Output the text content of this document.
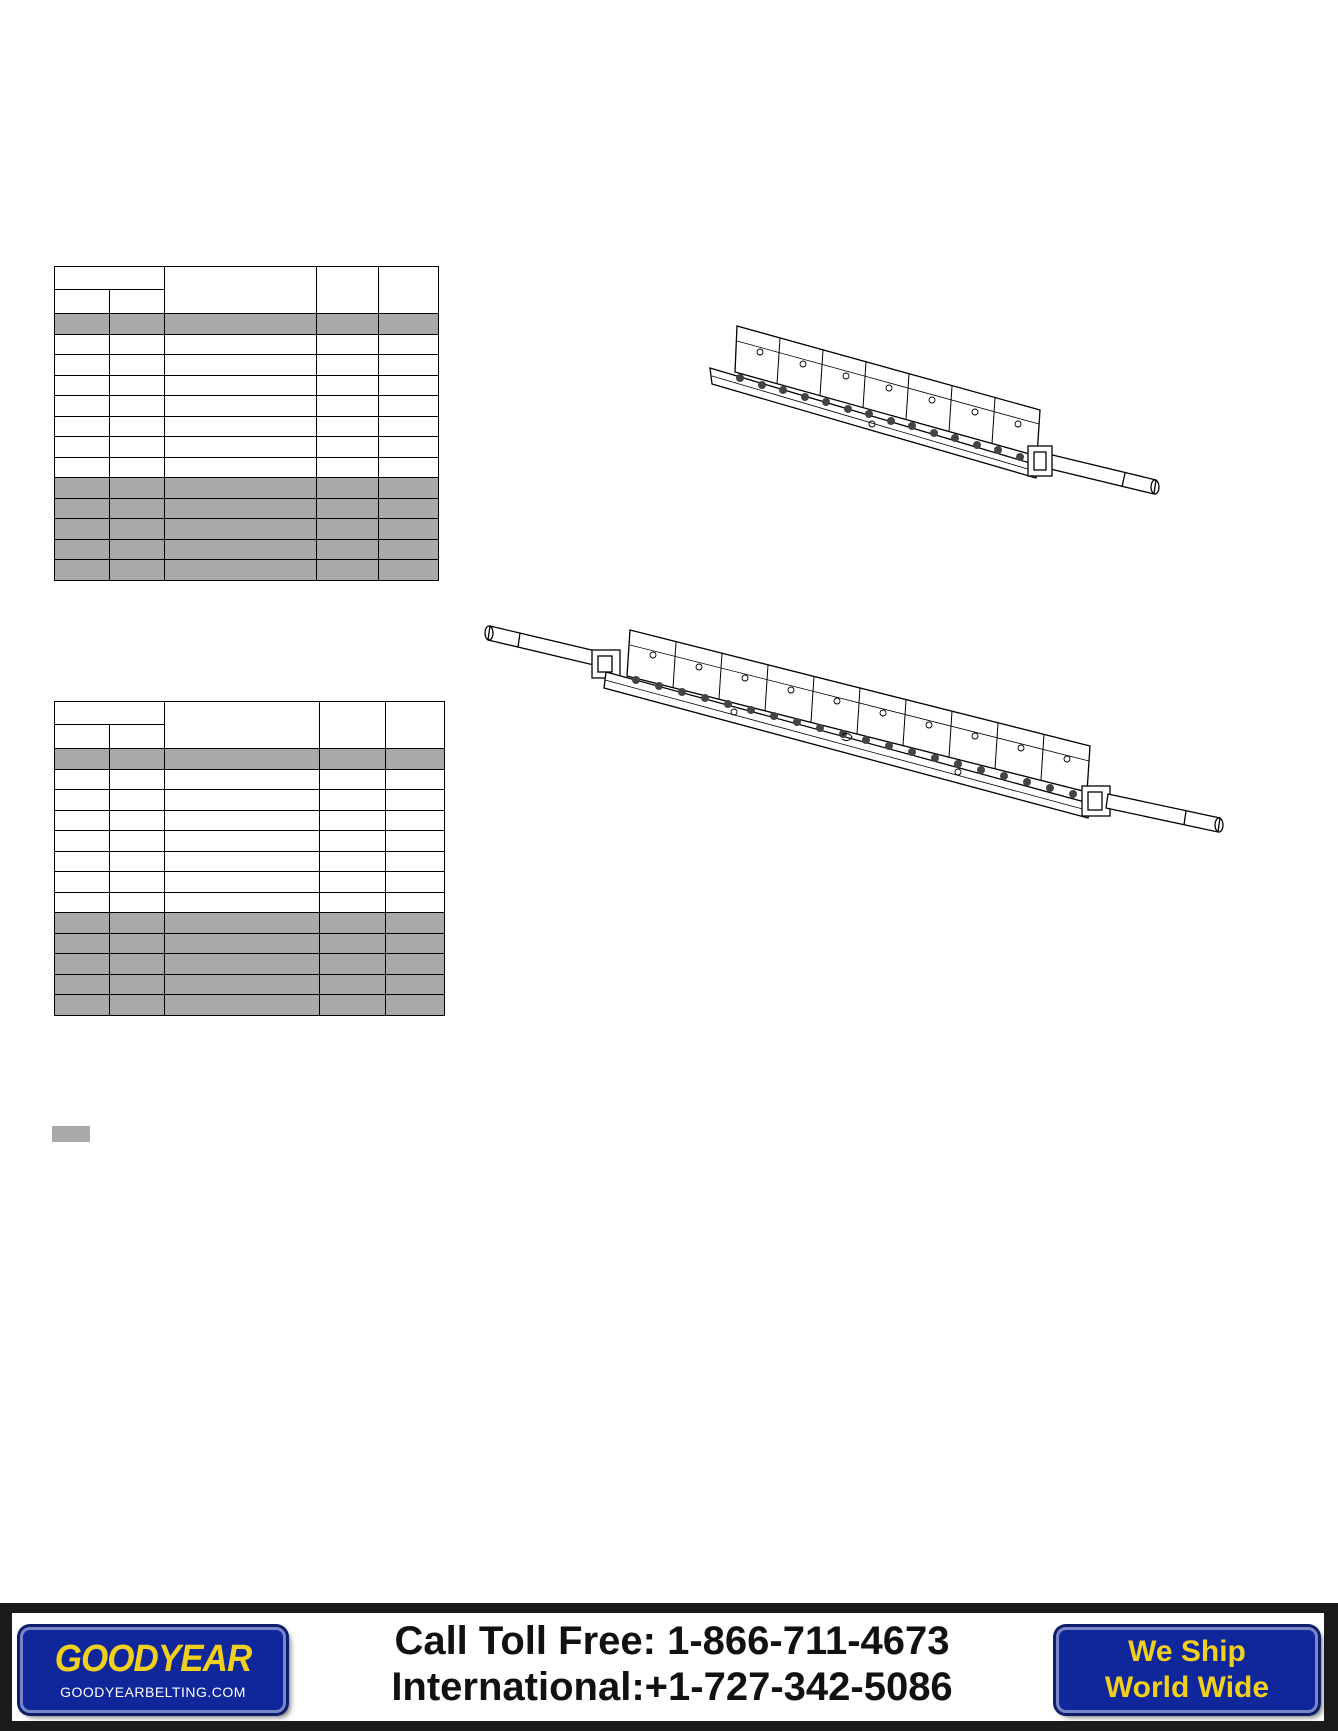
GOODYEAR
GOODYEARBELTING.COM
Call Toll Free: 1-866-711-4673
International:+1-727-342-5086
We Ship
World Wide
